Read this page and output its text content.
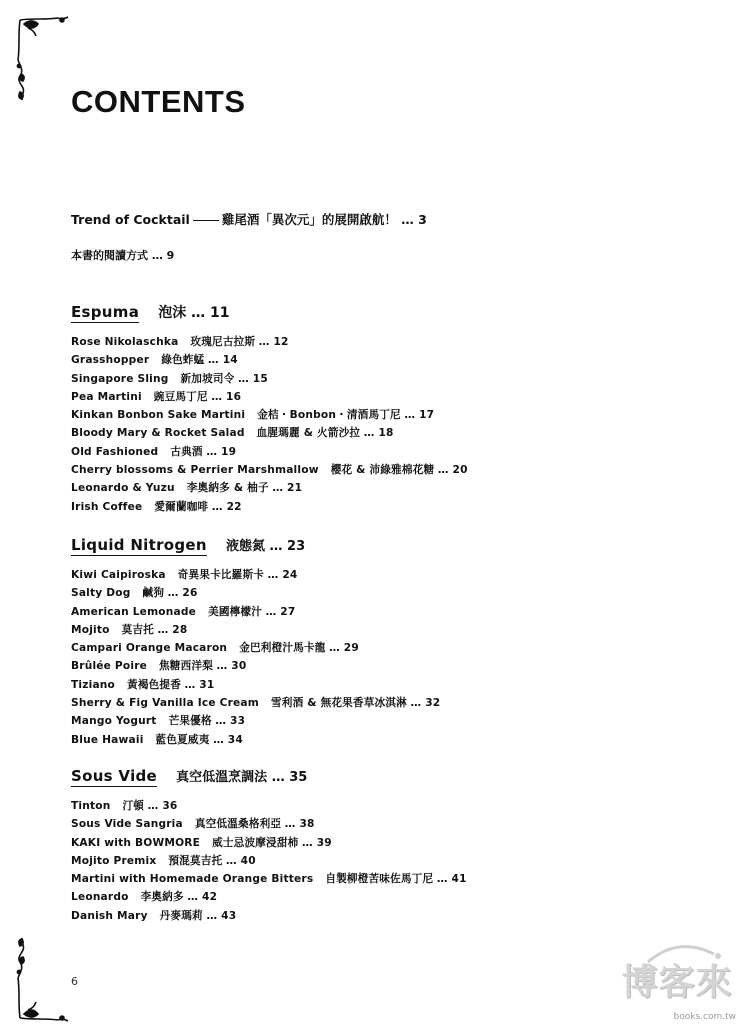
CONTENTS
Trend of Cocktail	雞尾酒「異次元」的展開啟航！ … 3
本書的閱讀方式 … 9
Espuma 泡沫 … 11
Rose Nikolaschka 玫瑰尼古拉斯 … 12
Grasshopper 綠色蚱蜢 … 14
Singapore Sling 新加坡司令 … 15
Pea Martini 豌豆馬丁尼 … 16
Kinkan Bonbon Sake Martini 金桔・Bonbon・清酒馬丁尼 … 17
Bloody Mary & Rocket Salad 血腥瑪麗 & 火箭沙拉 … 18
Old Fashioned 古典酒 … 19
Cherry blossoms & Perrier Marshmallow 櫻花 & 沛綠雅棉花糖 … 20
Leonardo & Yuzu 李奧納多 & 柚子 … 21
Irish Coffee 愛爾蘭咖啡 … 22
Liquid Nitrogen 液態氮 … 23
Kiwi Caipiroska 奇異果卡比羅斯卡 … 24
Salty Dog 鹹狗 … 26
American Lemonade 美國檸檬汁 … 27
Mojito 莫吉托 … 28
Campari Orange Macaron 金巴利橙汁馬卡龍 … 29
Brûlée Poire 焦糖西洋梨 … 30
Tiziano 黃褐色提香 … 31
Sherry & Fig Vanilla Ice Cream 雪利酒 & 無花果香草冰淇淋 … 32
Mango Yogurt 芒果優格 … 33
Blue Hawaii 藍色夏威夷 … 34
Sous Vide 真空低溫烹調法 … 35
Tinton 汀頓 … 36
Sous Vide Sangria 真空低溫桑格利亞 … 38
KAKI with BOWMORE 威士忌波摩浸甜柿 … 39
Mojito Premix 預混莫吉托 … 40
Martini with Homemade Orange Bitters 自製柳橙苦味佐馬丁尼 … 41
Leonardo 李奧納多 … 42
Danish Mary 丹麥瑪莉 … 43
6	博客來
books.com.tw
